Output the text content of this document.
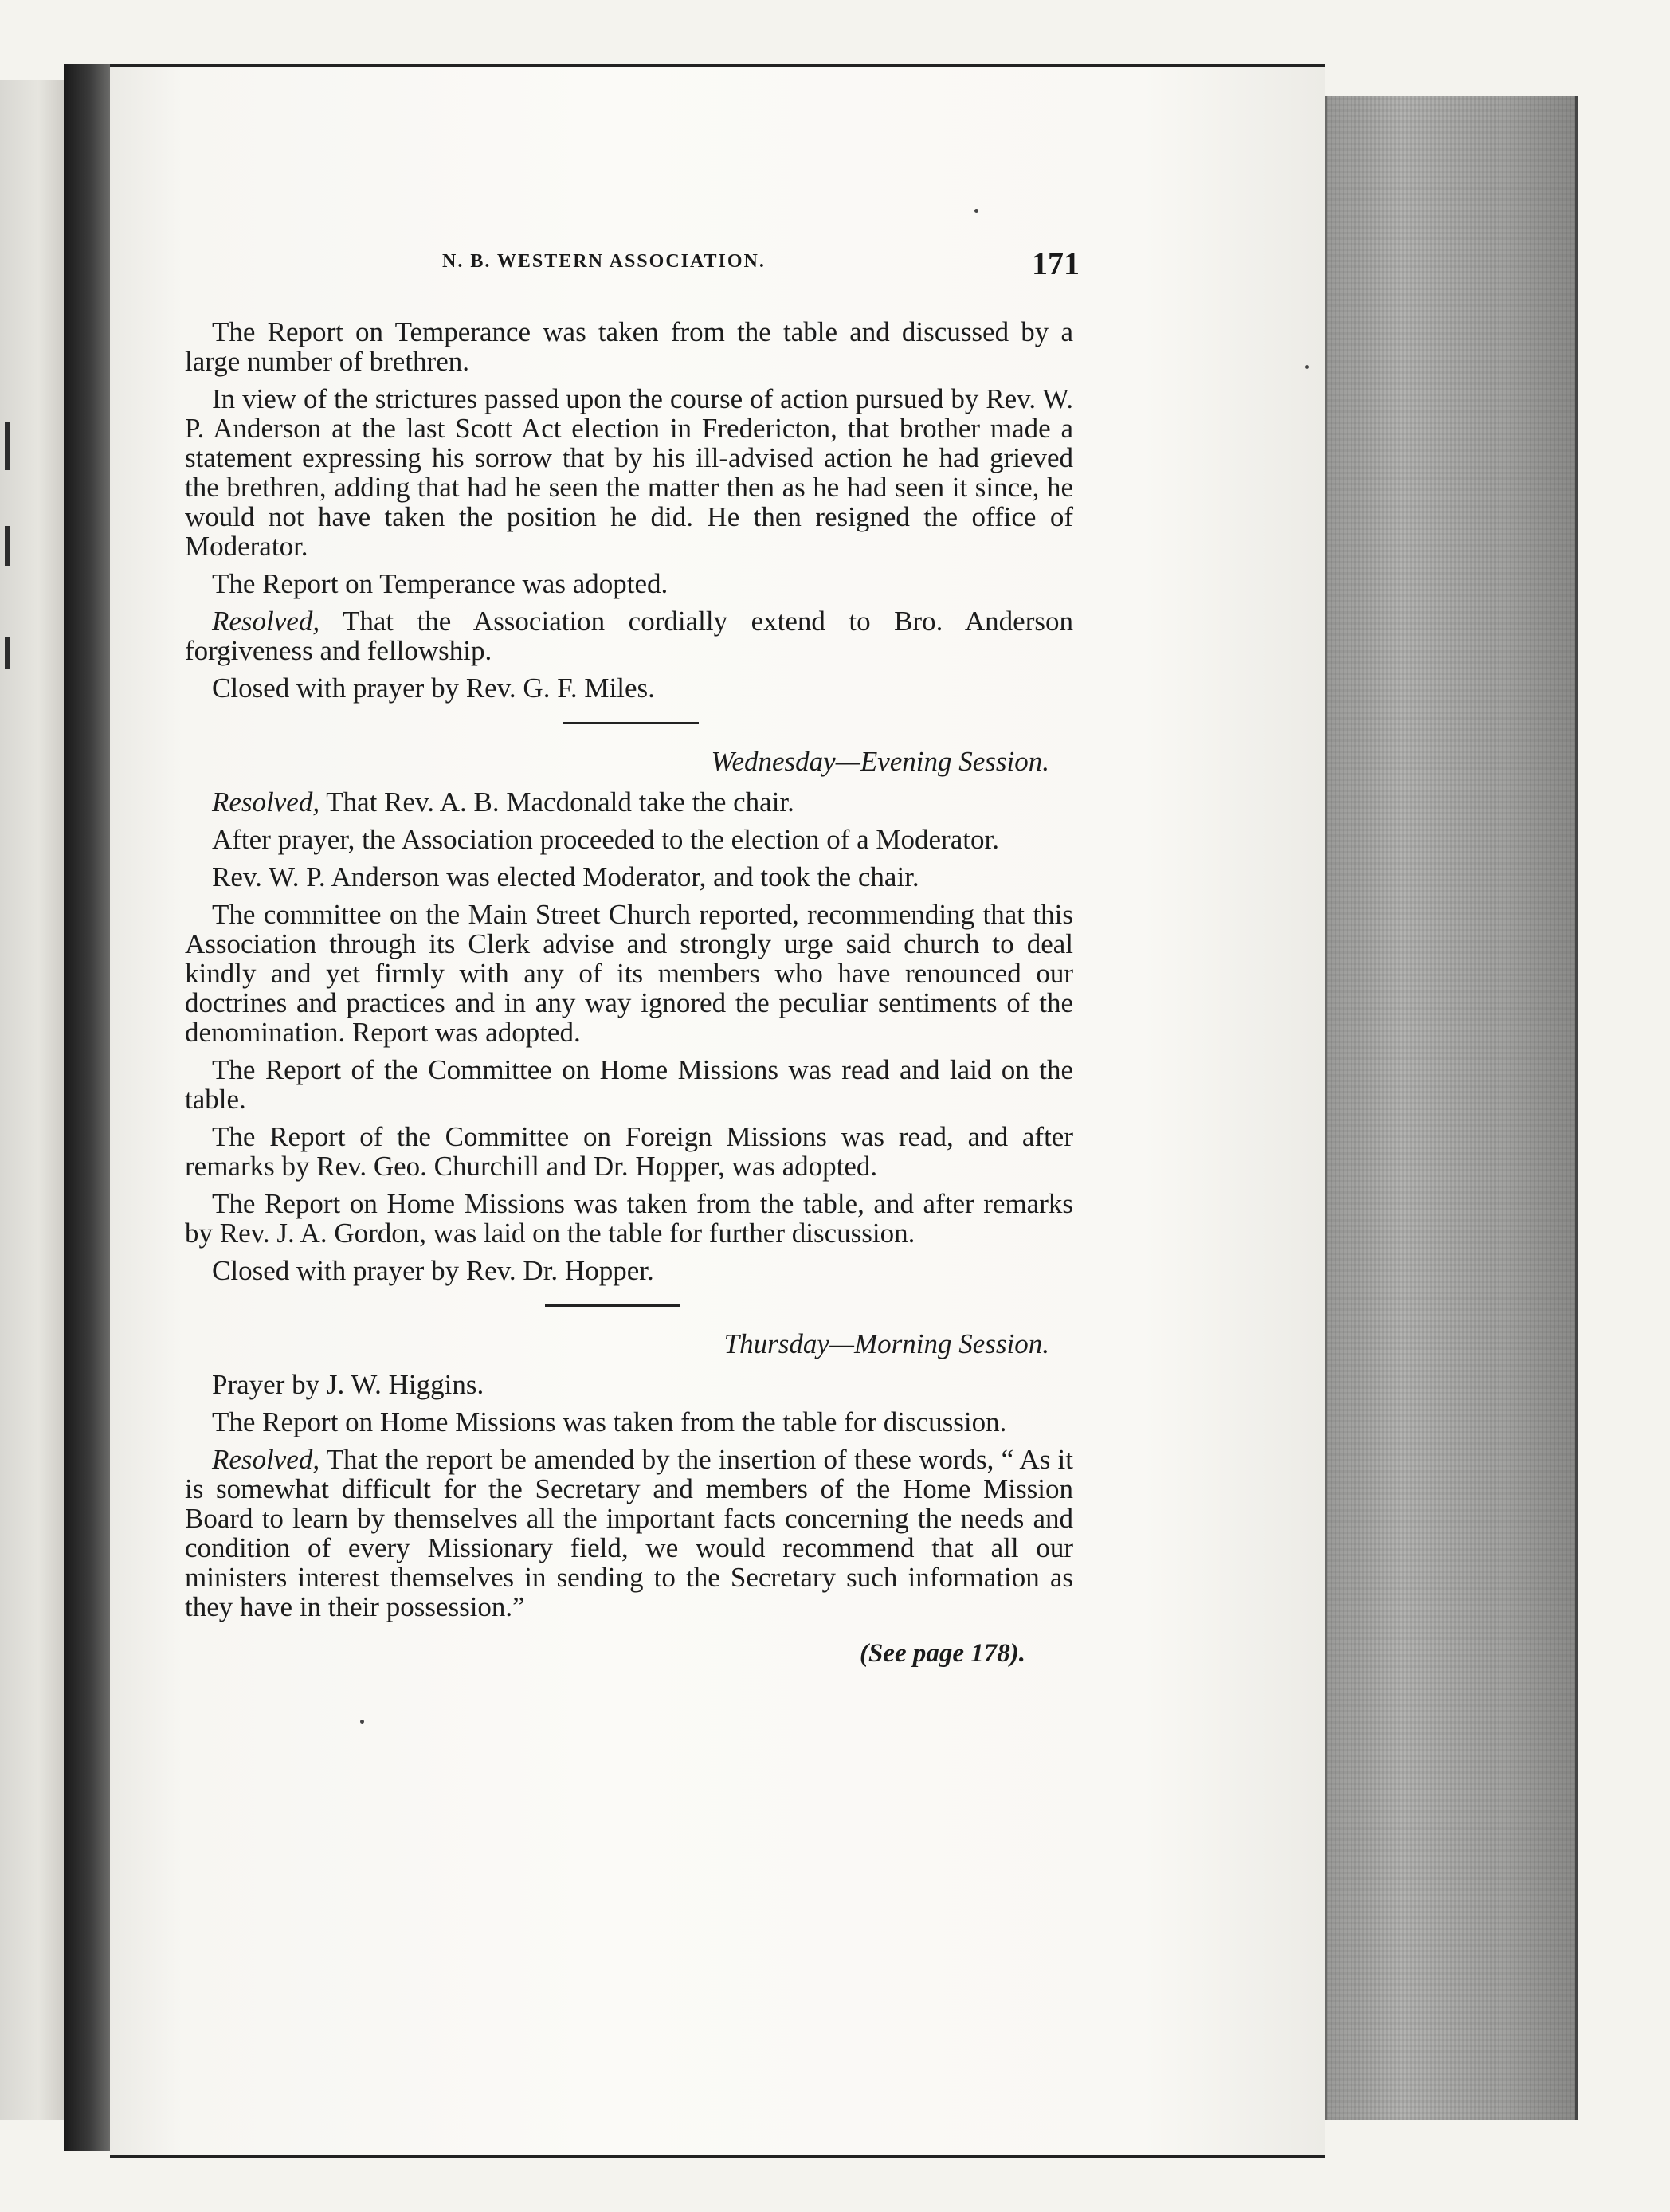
N. B. WESTERN ASSOCIATION.	171

The Report on Temperance was taken from the table and discussed by a large number of brethren.

In view of the strictures passed upon the course of action pursued by Rev. W. P. Anderson at the last Scott Act election in Fredericton, that brother made a statement expressing his sorrow that by his ill-advised action he had grieved the brethren, adding that had he seen the matter then as he had seen it since, he would not have taken the position he did. He then resigned the office of Moderator.

The Report on Temperance was adopted.

Resolved, That the Association cordially extend to Bro. Anderson forgiveness and fellowship.

Closed with prayer by Rev. G. F. Miles.

Wednesday—Evening Session.

Resolved, That Rev. A. B. Macdonald take the chair.

After prayer, the Association proceeded to the election of a Moderator.

Rev. W. P. Anderson was elected Moderator, and took the chair.

The committee on the Main Street Church reported, recommending that this Association through its Clerk advise and strongly urge said church to deal kindly and yet firmly with any of its members who have renounced our doctrines and practices and in any way ignored the peculiar sentiments of the denomination. Report was adopted.

The Report of the Committee on Home Missions was read and laid on the table.

The Report of the Committee on Foreign Missions was read, and after remarks by Rev. Geo. Churchill and Dr. Hopper, was adopted.

The Report on Home Missions was taken from the table, and after remarks by Rev. J. A. Gordon, was laid on the table for further discussion.

Closed with prayer by Rev. Dr. Hopper.

Thursday—Morning Session.

Prayer by J. W. Higgins.

The Report on Home Missions was taken from the table for discussion.

Resolved, That the report be amended by the insertion of these words, “ As it is somewhat difficult for the Secretary and members of the Home Mission Board to learn by themselves all the important facts concerning the needs and condition of every Missionary field, we would recommend that all our ministers interest themselves in sending to the Secretary such information as they have in their possession.”

(See page 178).
